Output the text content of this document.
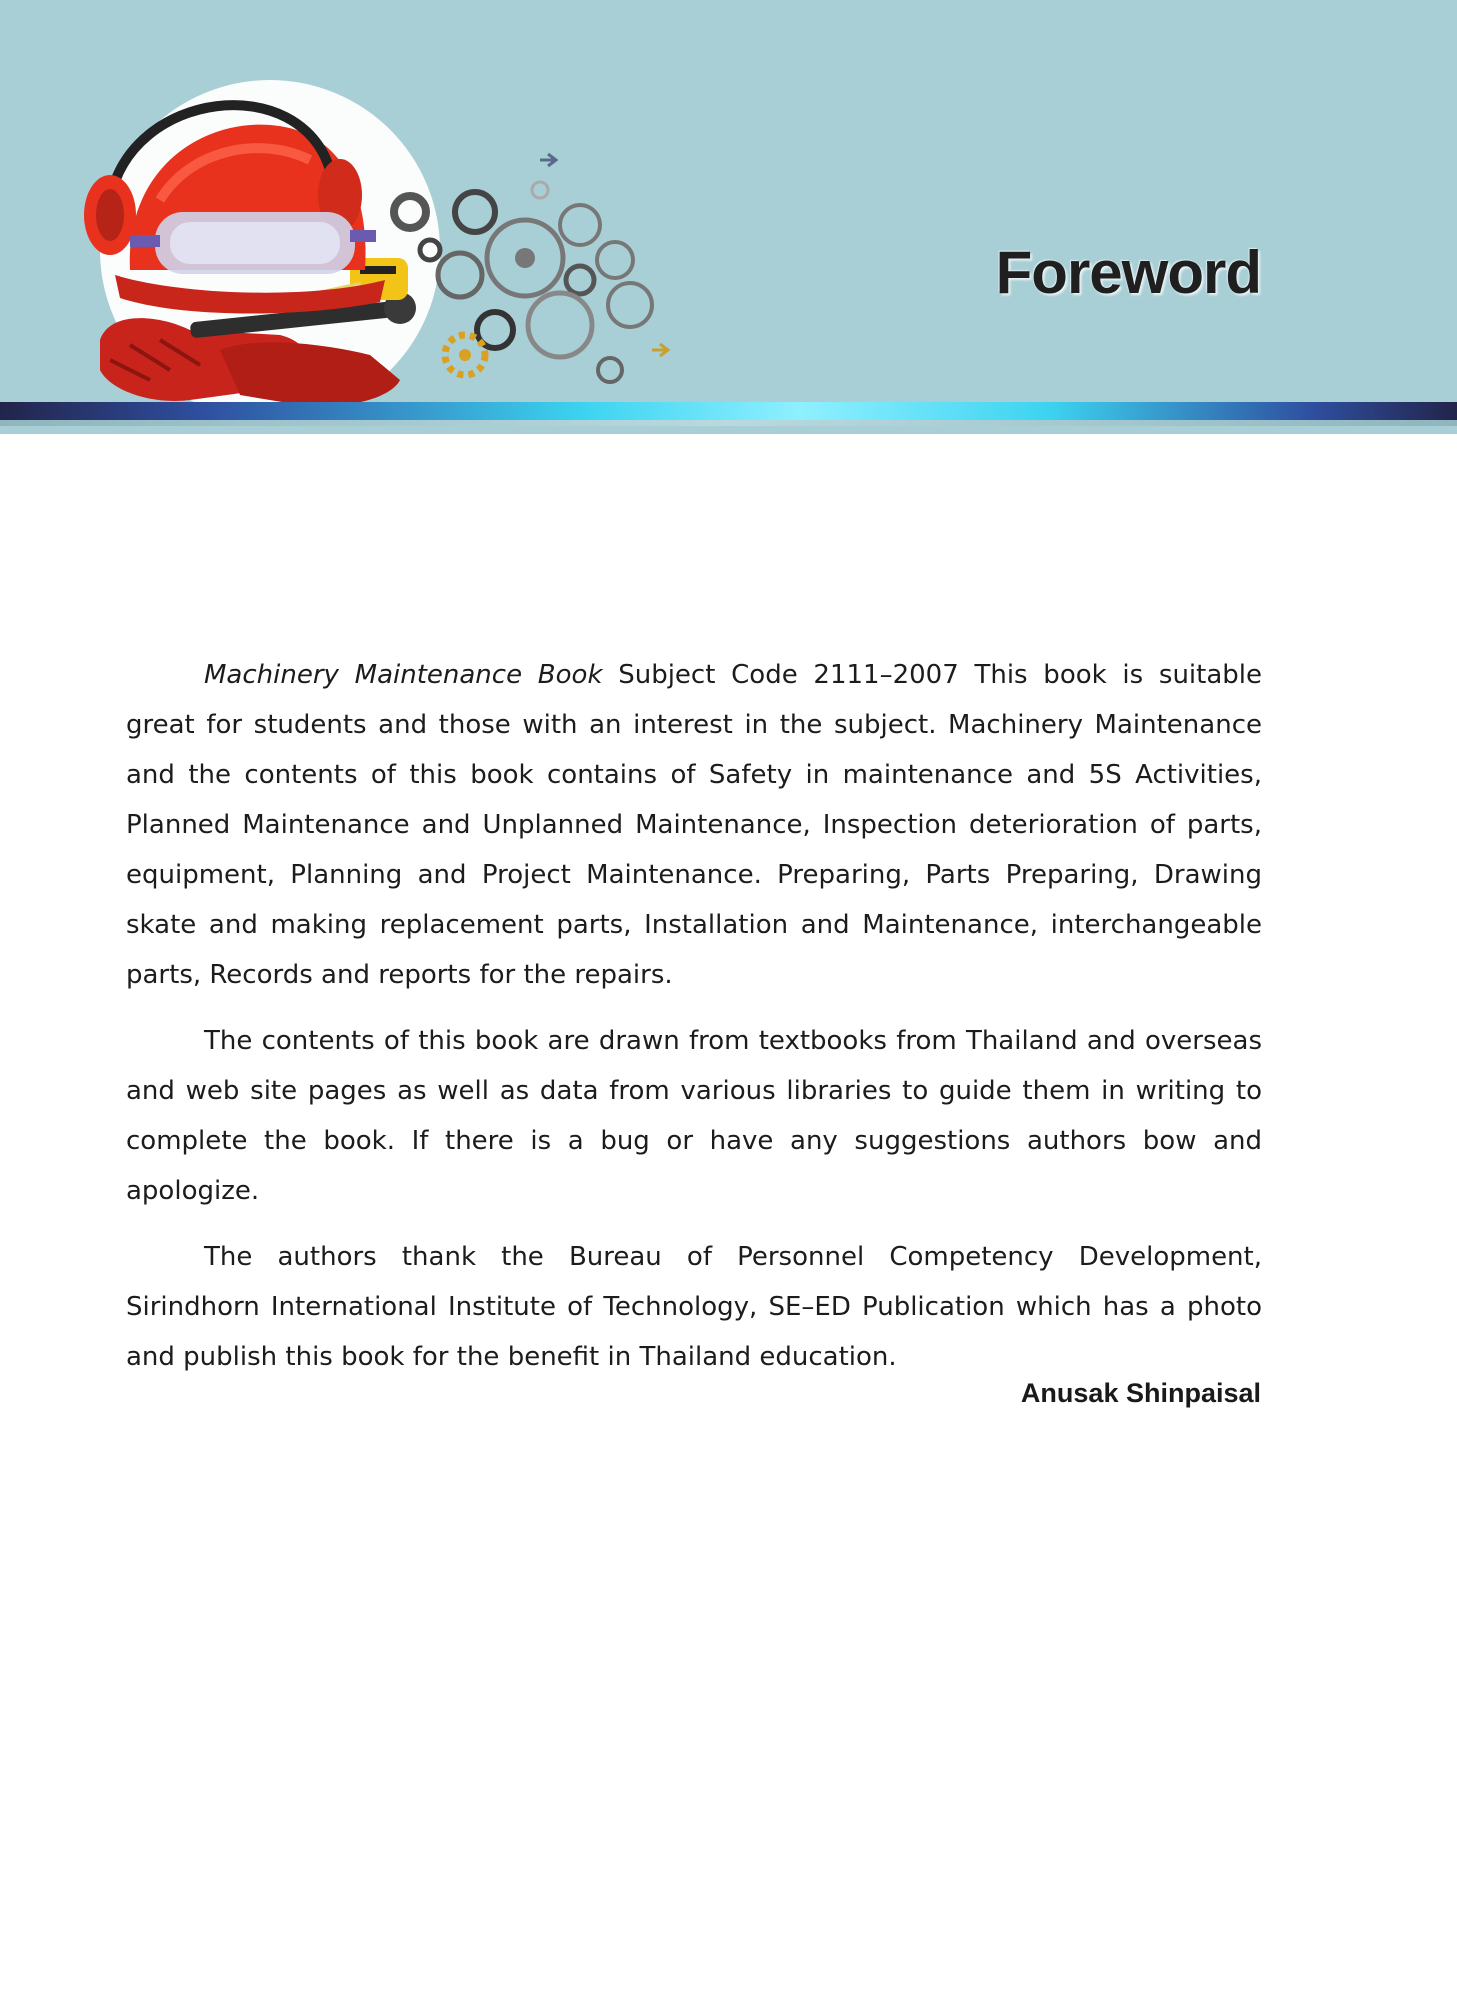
Foreword

Machinery Maintenance Book Subject Code 2111–2007 This book is suitable great for students and those with an interest in the subject. Machinery Maintenance and the contents of this book contains of Safety in maintenance and 5S Activities, Planned Maintenance and Unplanned Maintenance, Inspection deterioration of parts, equipment, Planning and Project Maintenance. Preparing, Parts Preparing, Drawing skate and making replacement parts, Installation and Maintenance, interchangeable parts, Records and reports for the repairs.

The contents of this book are drawn from textbooks from Thailand and overseas and web site pages as well as data from various libraries to guide them in writing to complete the book. If there is a bug or have any suggestions authors bow and apologize.

The authors thank the Bureau of Personnel Competency Development, Sirindhorn International Institute of Technology, SE–ED Publication which has a photo and publish this book for the benefit in Thailand education.

Anusak Shinpaisal
